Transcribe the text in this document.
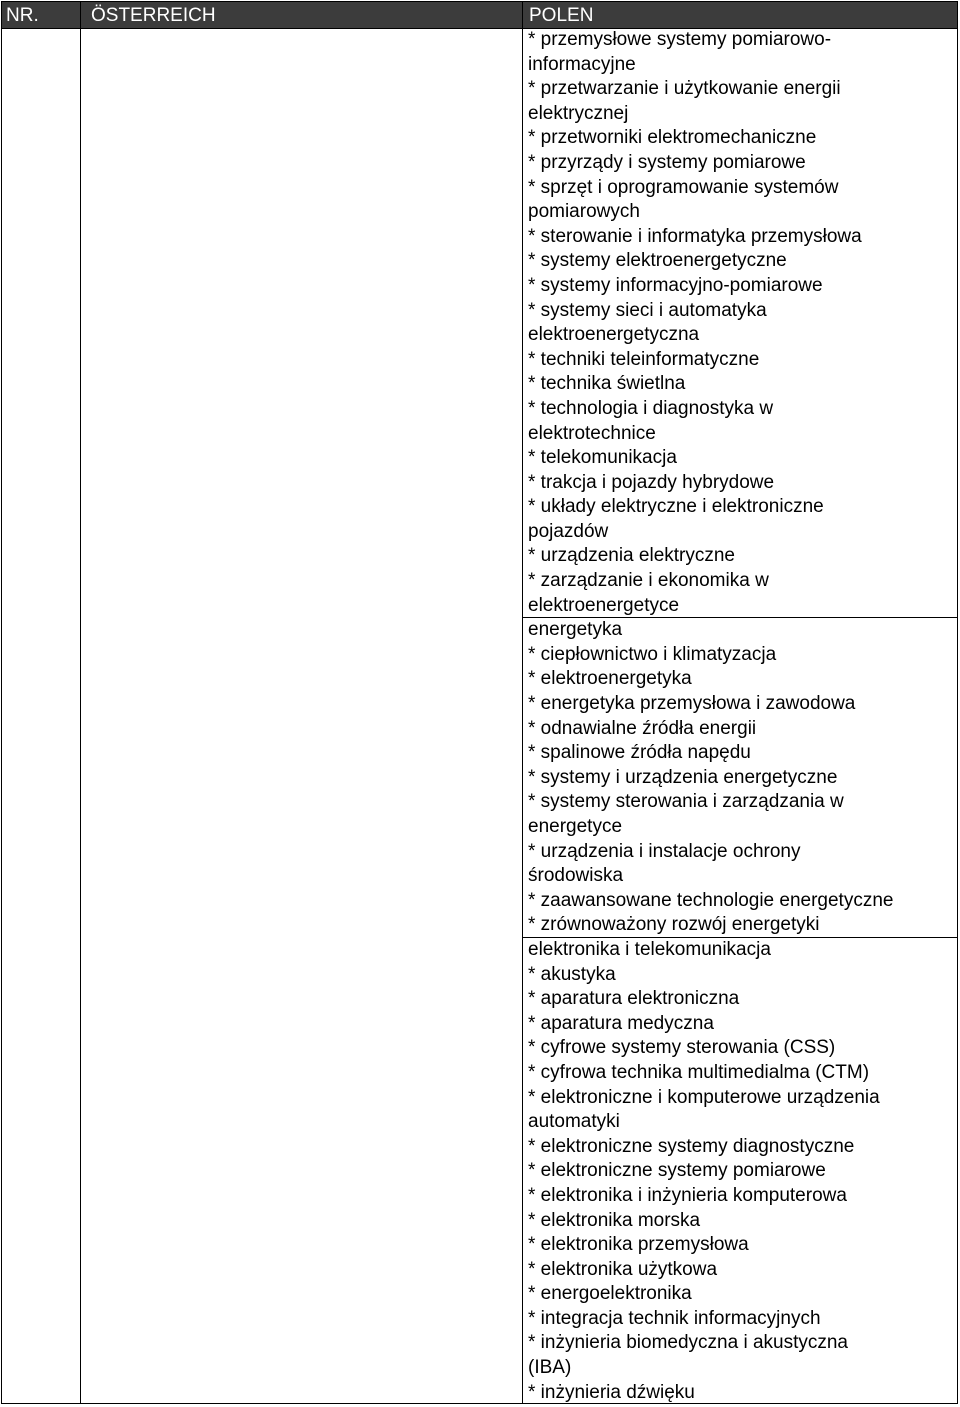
NR.	ÖSTERREICH	POLEN
* przemysłowe systemy pomiarowo-
informacyjne
* przetwarzanie i użytkowanie energii
elektrycznej
* przetworniki elektromechaniczne
* przyrządy i systemy pomiarowe
* sprzęt i oprogramowanie systemów
pomiarowych
* sterowanie i informatyka przemysłowa
* systemy elektroenergetyczne
* systemy informacyjno-pomiarowe
* systemy sieci i automatyka
elektroenergetyczna
* techniki teleinformatyczne
* technika świetlna
* technologia i diagnostyka w
elektrotechnice
* telekomunikacja
* trakcja i pojazdy hybrydowe
* układy elektryczne i elektroniczne
pojazdów
* urządzenia elektryczne
* zarządzanie i ekonomika w
elektroenergetyce
energetyka
* ciepłownictwo i klimatyzacja
* elektroenergetyka
* energetyka przemysłowa i zawodowa
* odnawialne źródła energii
* spalinowe źródła napędu
* systemy i urządzenia energetyczne
* systemy sterowania i zarządzania w
energetyce
* urządzenia i instalacje ochrony
środowiska
* zaawansowane technologie energetyczne
* zrównoważony rozwój energetyki
elektronika i telekomunikacja
* akustyka
* aparatura elektroniczna
* aparatura medyczna
* cyfrowe systemy sterowania (CSS)
* cyfrowa technika multimedialma (CTM)
* elektroniczne i komputerowe urządzenia
automatyki
* elektroniczne systemy diagnostyczne
* elektroniczne systemy pomiarowe
* elektronika i inżynieria komputerowa
* elektronika morska
* elektronika przemysłowa
* elektronika użytkowa
* energoelektronika
* integracja technik informacyjnych
* inżynieria biomedyczna i akustyczna
(IBA)
* inżynieria dźwięku
